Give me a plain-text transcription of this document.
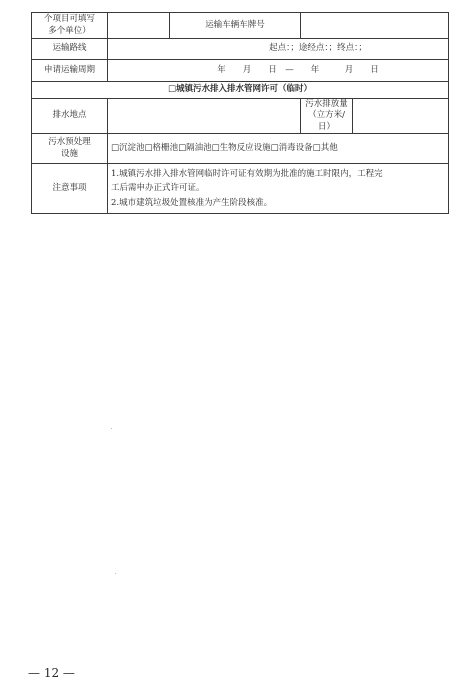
个项目可填写
多个单位）		运输车辆车牌号		
运输路线	起点：；途经点：；终点：；			
申请运输周期	年　　月　　日　—　　年　　　月　　日			
□城镇污水排入排水管网许可（临时）				
排水地点			污水排放量
（立方米/日）	

污水预处理
设施	□沉淀池□格栅池□隔油池□生物反应设施□消毒设备□其他			
注意事项	1.城镇污水排入排水管网临时许可证有效期为批准的施工时限内，工程完

工后需申办正式许可证。

2.城市建筑垃圾处置核准为产生阶段核准。			

— 12 —
